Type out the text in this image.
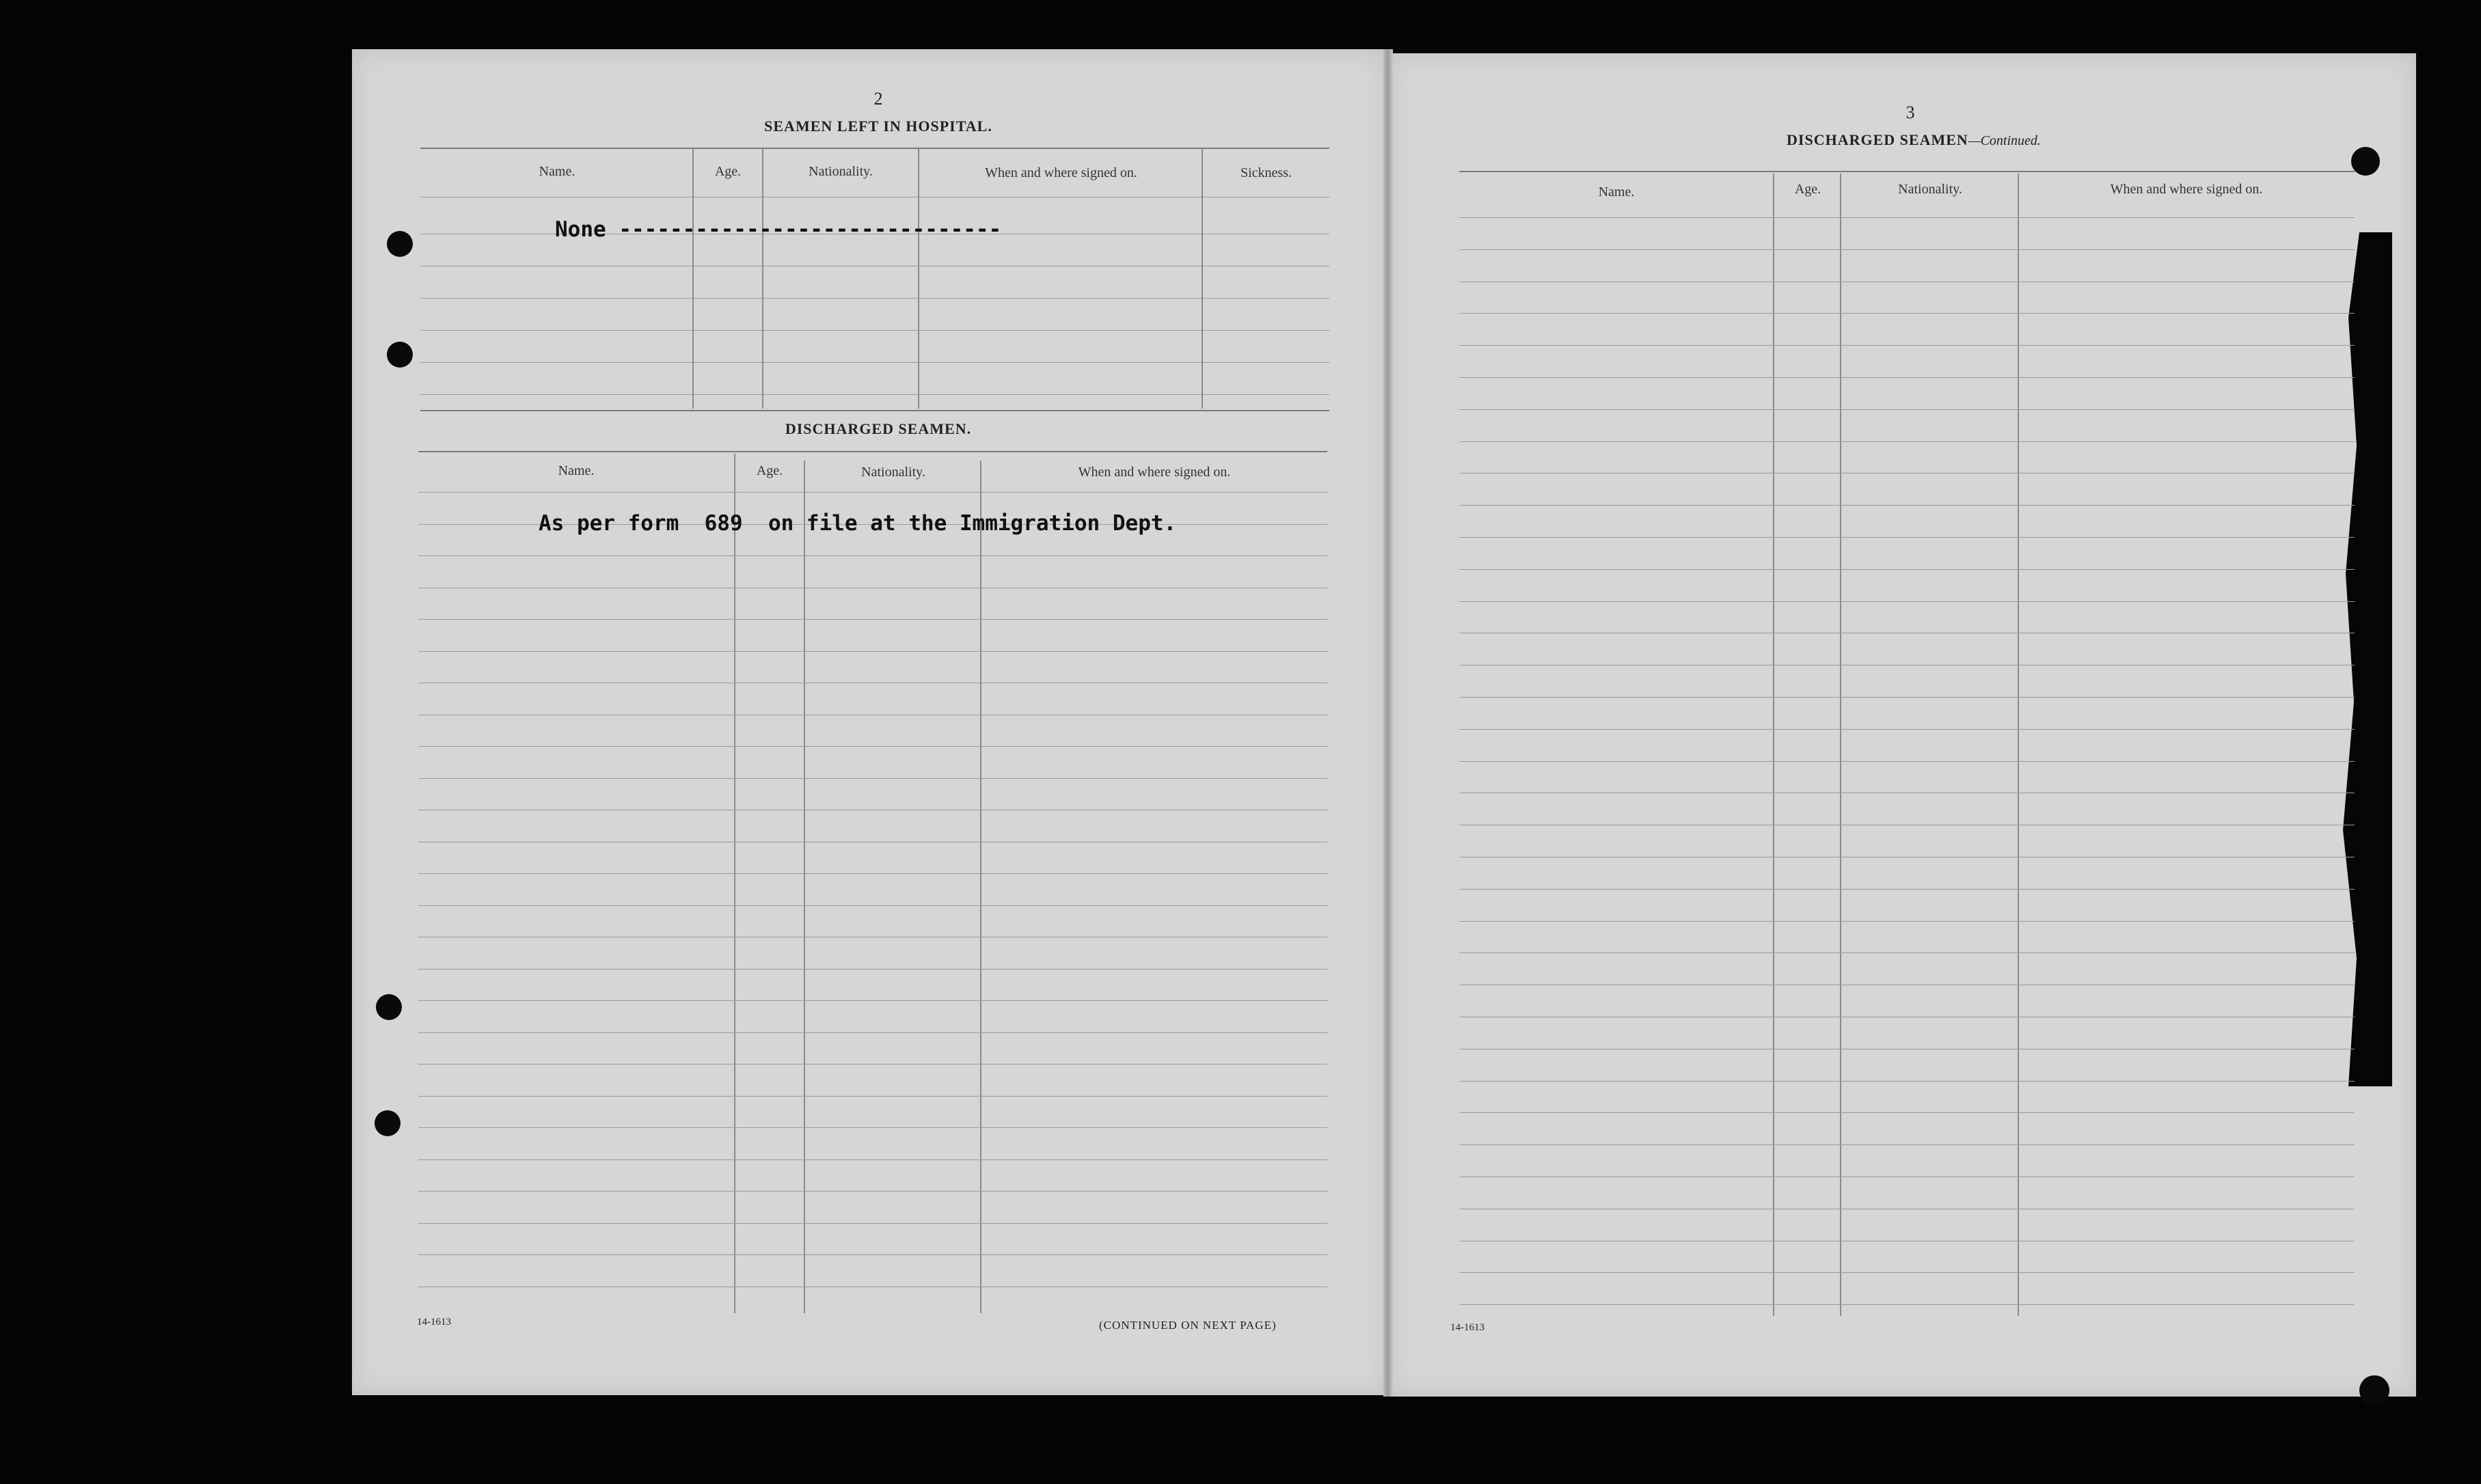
2
SEAMEN LEFT IN HOSPITAL.
Name.	Age.	Nationality.	When and where signed on.	Sickness.
None ------------------------------
DISCHARGED SEAMEN.
Name.	Age.	Nationality.	When and where signed on.
As per form  689  on file at the Immigration Dept.
14-1613	(CONTINUED ON NEXT PAGE)
3
DISCHARGED SEAMEN—Continued.
Name.	Age.	Nationality.	When and where signed on.
14-1613
